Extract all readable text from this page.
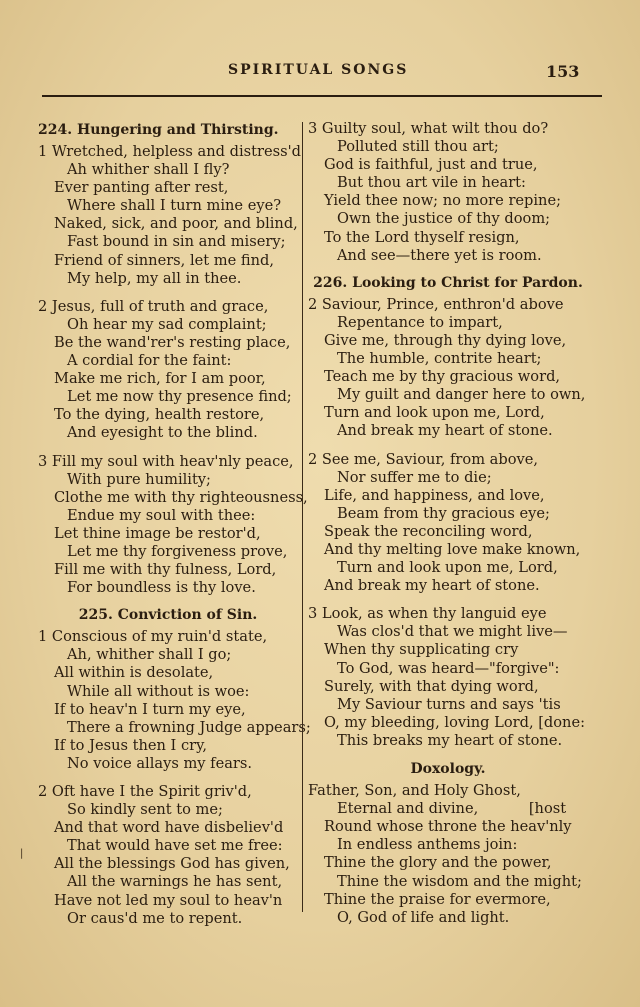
SPIRITUAL SONGS	153
224. Hungering and Thirsting.
1 Wretched, helpless and distress'd
Ah whither shall I fly?
Ever panting after rest,
Where shall I turn mine eye?
Naked, sick, and poor, and blind,
Fast bound in sin and misery;
Friend of sinners, let me find,
My help, my all in thee.
2 Jesus, full of truth and grace,
Oh hear my sad complaint;
Be the wand'rer's resting place,
A cordial for the faint:
Make me rich, for I am poor,
Let me now thy presence find;
To the dying, health restore,
And eyesight to the blind.
3 Fill my soul with heav'nly peace,
With pure humility;
Clothe me with thy righteousness,
Endue my soul with thee:
Let thine image be restor'd,
Let me thy forgiveness prove,
Fill me with thy fulness, Lord,
For boundless is thy love.
225. Conviction of Sin.
1 Conscious of my ruin'd state,
Ah, whither shall I go;
All within is desolate,
While all without is woe:
If to heav'n I turn my eye,
There a frowning Judge appears;
If to Jesus then I cry,
No voice allays my fears.
2 Oft have I the Spirit griv'd,
So kindly sent to me;
And that word have disbeliev'd
That would have set me free:
All the blessings God has given,
All the warnings he has sent,
Have not led my soul to heav'n
Or caus'd me to repent.
3 Guilty soul, what wilt thou do?
Polluted still thou art;
God is faithful, just and true,
But thou art vile in heart:
Yield thee now; no more repine;
Own the justice of thy doom;
To the Lord thyself resign,
And see—there yet is room.
226. Looking to Christ for Pardon.
2 Saviour, Prince, enthron'd above
Repentance to impart,
Give me, through thy dying love,
The humble, contrite heart;
Teach me by thy gracious word,
My guilt and danger here to own,
Turn and look upon me, Lord,
And break my heart of stone.
2 See me, Saviour, from above,
Nor suffer me to die;
Life, and happiness, and love,
Beam from thy gracious eye;
Speak the reconciling word,
And thy melting love make known,
Turn and look upon me, Lord,
And break my heart of stone.
3 Look, as when thy languid eye
Was clos'd that we might live—
When thy supplicating cry
To God, was heard—"forgive":
Surely, with that dying word,
My Saviour turns and says 'tis
O, my bleeding, loving Lord, [done:
This breaks my heart of stone.
Doxology.
Father, Son, and Holy Ghost,
Eternal and divine,	[host
Round whose throne the heav'nly
In endless anthems join:
Thine the glory and the power,
Thine the wisdom and the might;
Thine the praise for evermore,
O, God of life and light.
|
